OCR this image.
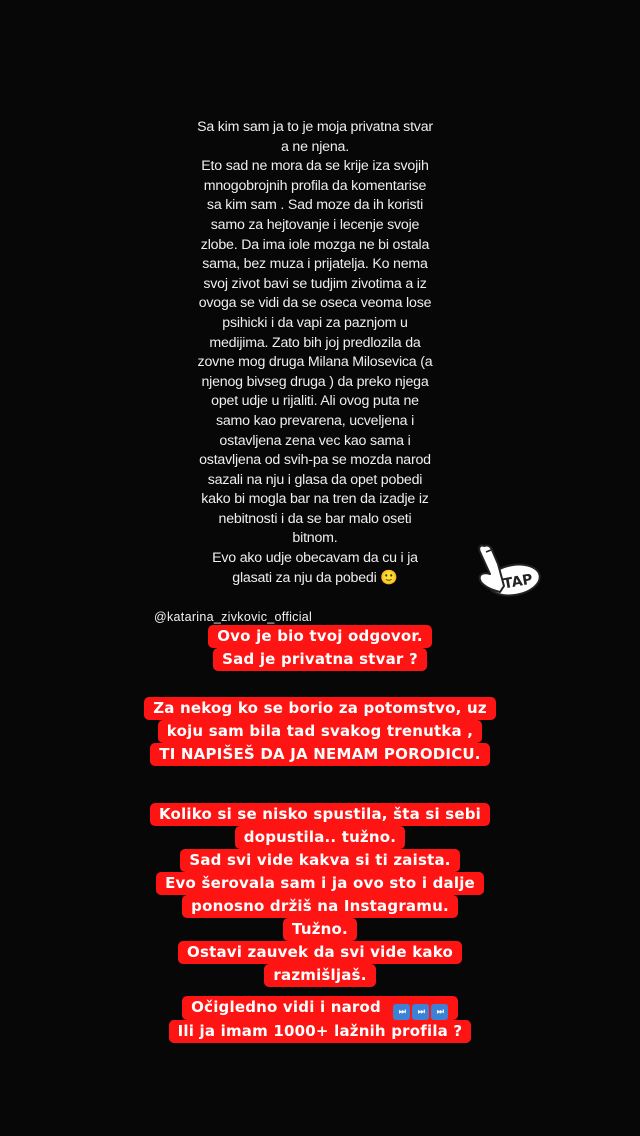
Sa kim sam ja to je moja privatna stvar
a ne njena.
Eto sad ne mora da se krije iza svojih
mnogobrojnih profila da komentarise
sa kim sam . Sad moze da ih koristi
samo za hejtovanje i lecenje svoje
zlobe. Da ima iole mozga ne bi ostala
sama, bez muza i prijatelja. Ko nema
svoj zivot bavi se tudjim zivotima a iz
ovoga se vidi da se oseca veoma lose
psihicki i da vapi za paznjom u
medijima. Zato bih joj predlozila da
zovne mog druga Milana Milosevica (a
njenog bivseg druga ) da preko njega
opet udje u rijaliti. Ali ovog puta ne
samo kao prevarena, ucveljena i
ostavljena zena vec kao sama i
ostavljena od svih-pa se mozda narod
sazali na nju i glasa da opet pobedi
kako bi mogla bar na tren da izadje iz
nebitnosti i da se bar malo oseti
bitnom.
Evo ako udje obecavam da cu i ja
glasati za nju da pobedi 🙂	TAP
@katarina_zivkovic_official
Ovo je bio tvoj odgovor.
Sad je privatna stvar ?
Za nekog ko se borio za potomstvo, uz
koju sam bila tad svakog trenutka ,
TI NAPIŠEŠ DA JA NEMAM PORODICU.
Koliko si se nisko spustila, šta si sebi
dopustila.. tužno.
Sad svi vide kakva si ti zaista.
Evo šerovala sam i ja ovo sto i dalje
ponosno držiš na Instagramu.
Tužno.
Ostavi zauvek da svi vide kako
razmišljaš.
Očigledno vidi i narod ⏭ ⏭ ⏭
Ili ja imam 1000+ lažnih profila ?
